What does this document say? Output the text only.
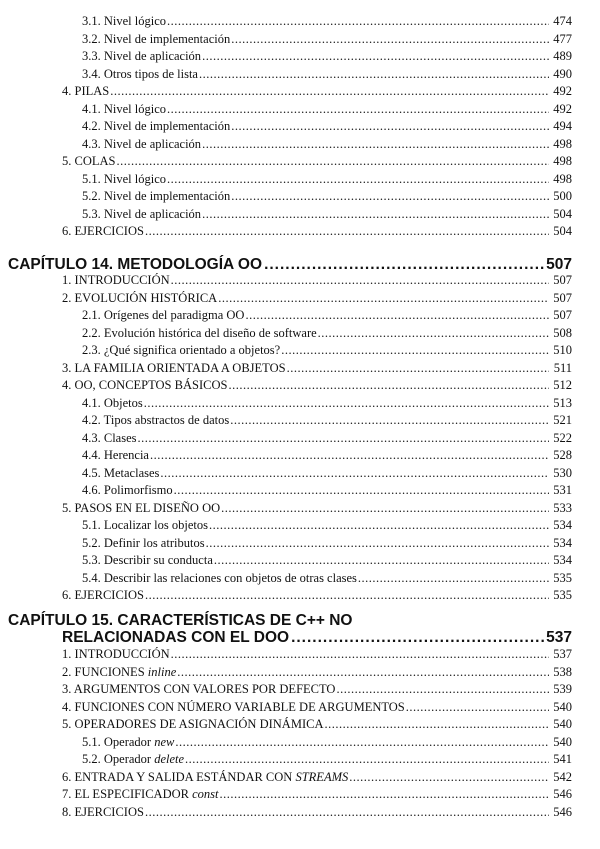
3.1. Nivel lógico .....	474
3.2. Nivel de implementación .....	477
3.3. Nivel de aplicación .....	489
3.4. Otros tipos de lista .....	490
4. PILAS .....	492
4.1. Nivel lógico .....	492
4.2. Nivel de implementación .....	494
4.3. Nivel de aplicación .....	498
5. COLAS .....	498
5.1. Nivel lógico .....	498
5.2. Nivel de implementación .....	500
5.3. Nivel de aplicación .....	504
6. EJERCICIOS .....	504
CAPÍTULO 14. METODOLOGÍA OO .....	507
1. INTRODUCCIÓN .....	507
2. EVOLUCIÓN HISTÓRICA .....	507
2.1. Orígenes del paradigma OO .....	507
2.2. Evolución histórica del diseño de software .....	508
2.3. ¿Qué significa orientado a objetos? .....	510
3. LA FAMILIA ORIENTADA A OBJETOS .....	511
4. OO, CONCEPTOS BÁSICOS .....	512
4.1. Objetos .....	513
4.2. Tipos abstractos de datos .....	521
4.3. Clases .....	522
4.4. Herencia .....	528
4.5. Metaclases .....	530
4.6. Polimorfismo .....	531
5. PASOS EN EL DISEÑO OO .....	533
5.1. Localizar los objetos .....	534
5.2. Definir los atributos .....	534
5.3. Describir su conducta .....	534
5.4. Describir las relaciones con objetos de otras clases .....	535
6. EJERCICIOS .....	535
CAPÍTULO 15. CARACTERÍSTICAS DE C++ NO
RELACIONADAS CON EL DOO .....	537
1. INTRODUCCIÓN .....	537
2. FUNCIONES inline .....	538
3. ARGUMENTOS CON VALORES POR DEFECTO .....	539
4. FUNCIONES CON NÚMERO VARIABLE DE ARGUMENTOS .....	540
5. OPERADORES DE ASIGNACIÓN DINÁMICA .....	540
5.1. Operador new .....	540
5.2. Operador delete .....	541
6. ENTRADA Y SALIDA ESTÁNDAR CON STREAMS .....	542
7. EL ESPECIFICADOR const .....	546
8. EJERCICIOS .....	546
